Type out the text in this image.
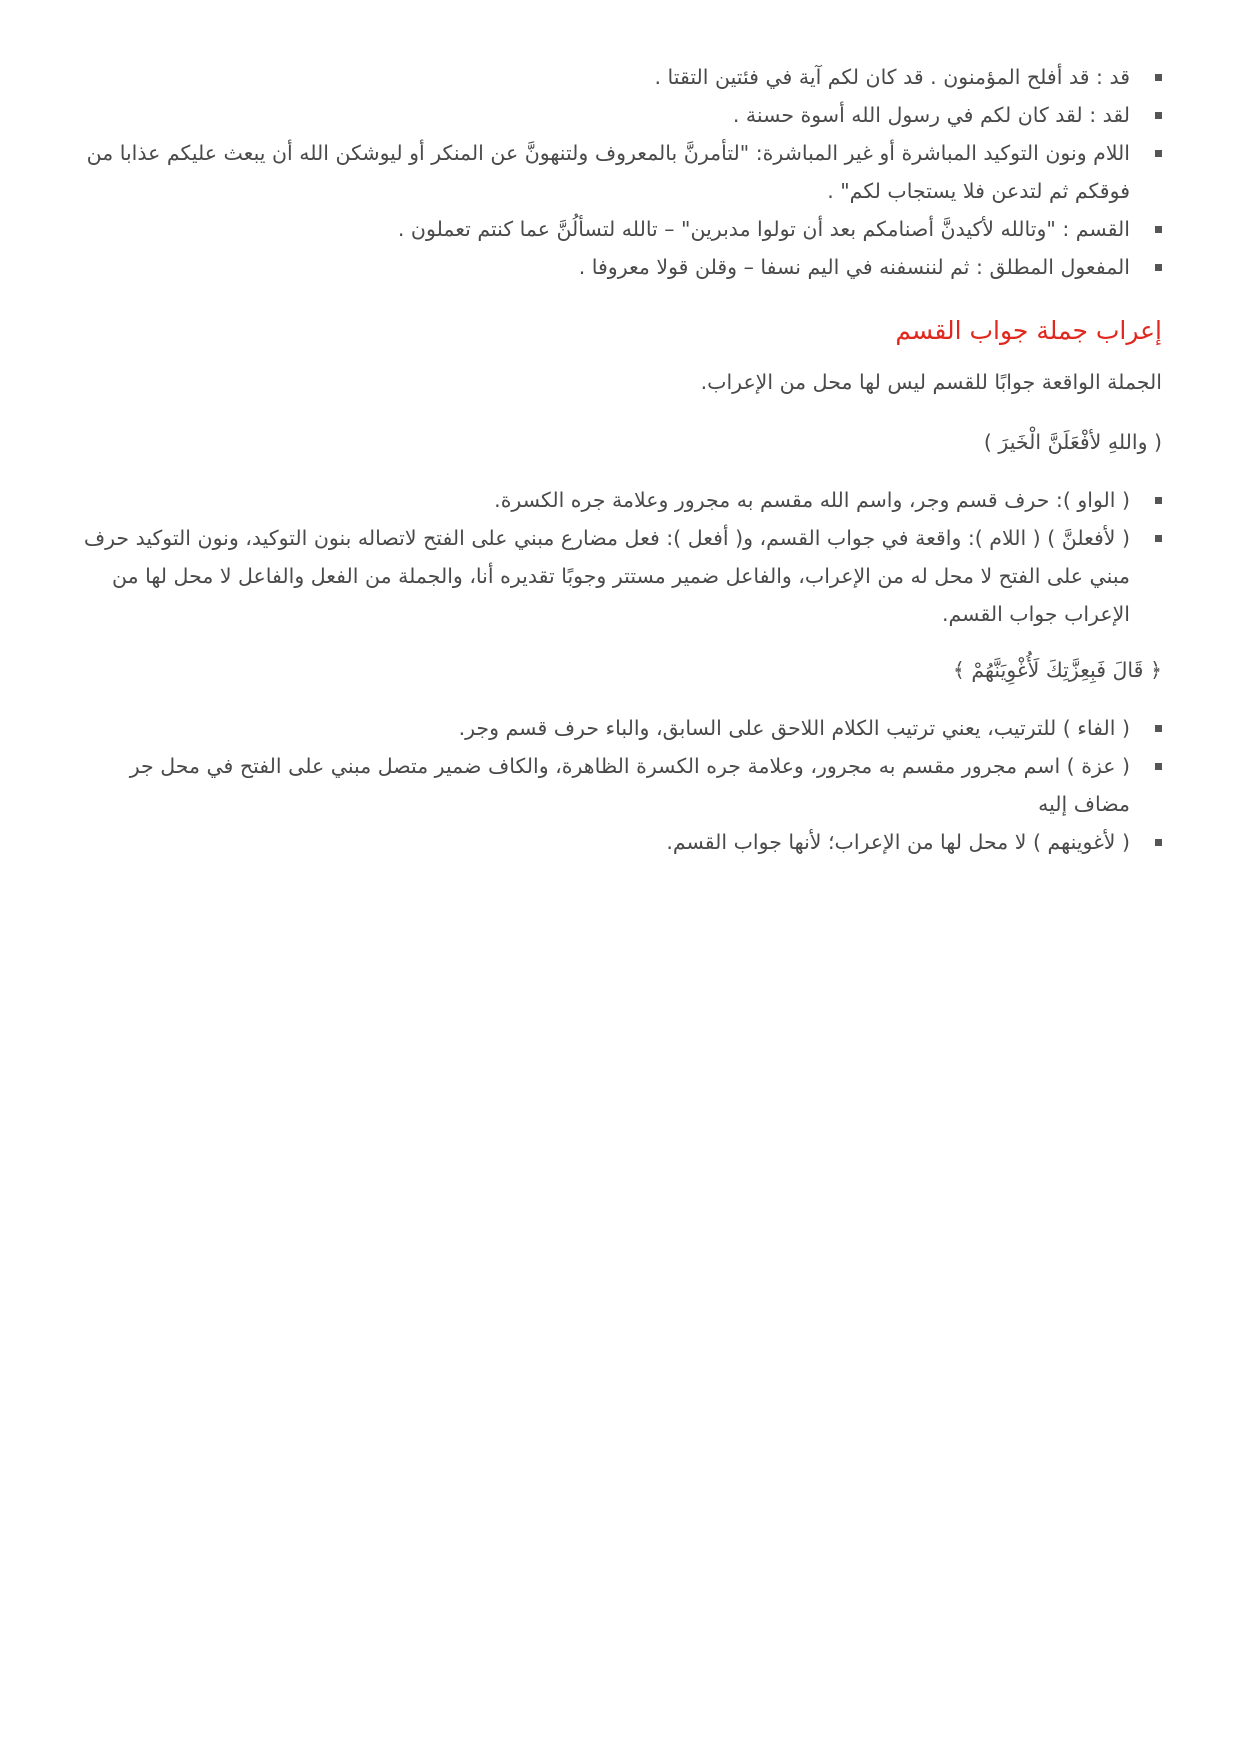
قد : قد أفلح المؤمنون . قد كان لكم آية في فئتين التقتا .
لقد : لقد كان لكم في رسول الله أسوة حسنة .
اللام ونون التوكيد المباشرة أو غير المباشرة: "لتأمرنَّ بالمعروف ولتنهونَّ عن المنكر أو ليوشكن الله أن يبعث عليكم عذابا من فوقكم ثم لتدعن فلا يستجاب لكم" .
القسم : "وتالله لأكيدنَّ أصنامكم بعد أن تولوا مدبرين" – تالله لتسألُنَّ عما كنتم تعملون .
المفعول المطلق : ثم لننسفنه في اليم نسفا – وقلن قولا معروفا .
إعراب جملة جواب القسم
الجملة الواقعة جوابًا للقسم ليس لها محل من الإعراب.
( واللهِ لأفْعَلَنَّ الْخَيرَ )
( الواو ): حرف قسم وجر، واسم الله مقسم به مجرور وعلامة جره الكسرة.
( لأفعلنَّ ) ( اللام ): واقعة في جواب القسم، و( أفعل ): فعل مضارع مبني على الفتح لاتصاله بنون التوكيد، ونون التوكيد حرف مبني على الفتح لا محل له من الإعراب، والفاعل ضمير مستتر وجوبًا تقديره أنا، والجملة من الفعل والفاعل لا محل لها من الإعراب جواب القسم.
﴿ قَالَ فَبِعِزَّتِكَ لَأُغْوِيَنَّهُمْ ﴾
( الفاء ) للترتيب، يعني ترتيب الكلام اللاحق على السابق، والباء حرف قسم وجر.
( عزة ) اسم مجرور مقسم به مجرور، وعلامة جره الكسرة الظاهرة، والكاف ضمير متصل مبني على الفتح في محل جر مضاف إليه
( لأغوينهم ) لا محل لها من الإعراب؛ لأنها جواب القسم.
